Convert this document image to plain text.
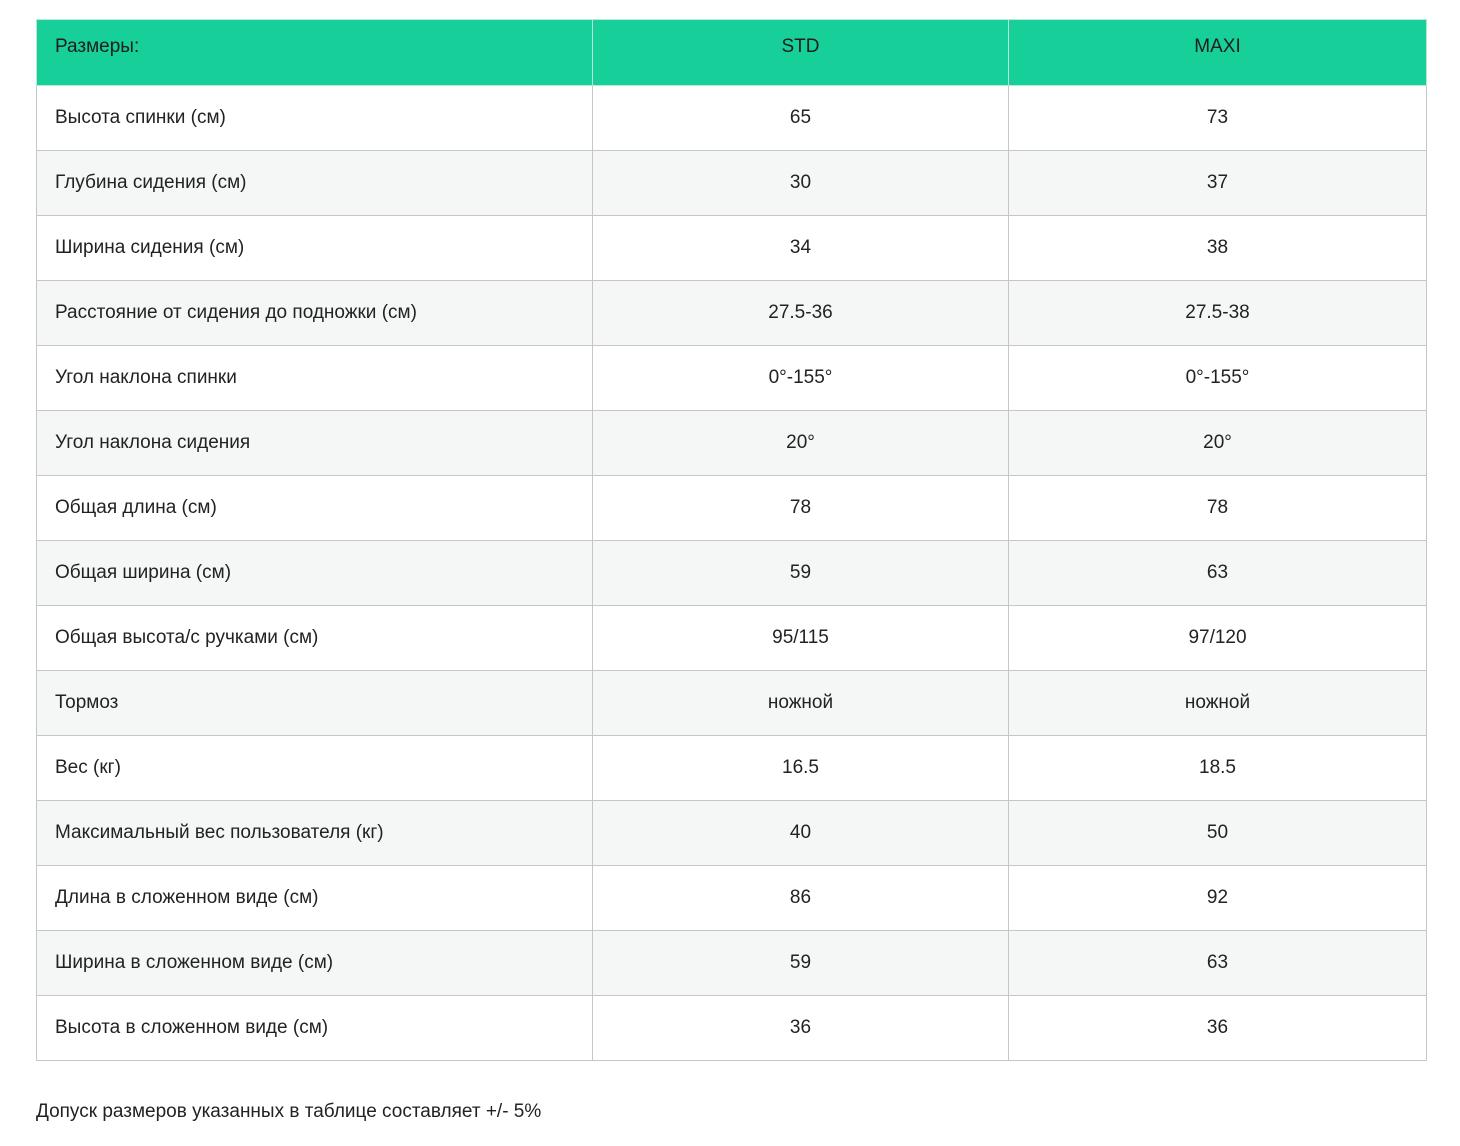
Размеры:	STD	MAXI
Высота спинки (см)	65	73
Глубина сидения (см)	30	37
Ширина сидения (см)	34	38
Расстояние от сидения до подножки (см)	27.5-36	27.5-38
Угол наклона спинки	0°-155°	0°-155°
Угол наклона сидения	20°	20°
Общая длина (см)	78	78
Общая ширина (см)	59	63
Общая высота/с ручками (см)	95/115	97/120
Тормоз	ножной	ножной
Вес (кг)	16.5	18.5
Максимальный вес пользователя (кг)	40	50
Длина в сложенном виде (см)	86	92
Ширина в сложенном виде (см)	59	63
Высота в сложенном виде (см)	36	36
Допуск размеров указанных в таблице составляет +/- 5%
